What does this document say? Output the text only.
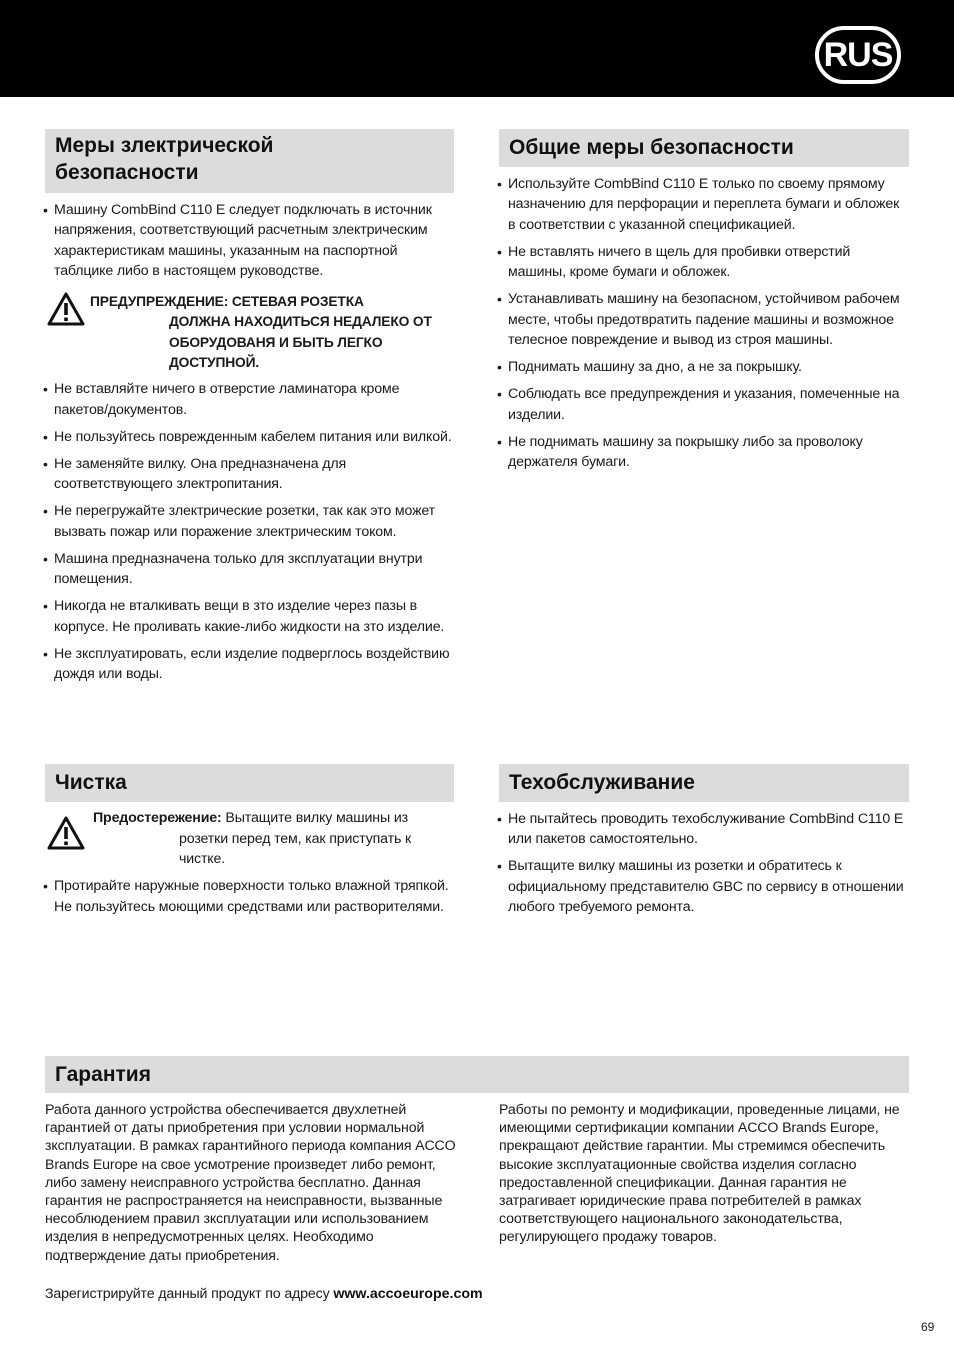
RUS
Меры злектрической
безопасности
• Машину CombBind C110 E следует подключать в источник напряжения, соответствующий расчетным злектрическим характеристикам машины, указанным на паспортной таблцике либо в настоящем руководстве.
ПРЕДУПРЕЖДЕНИЕ: СЕТЕВАЯ РОЗЕТКА
ДОЛЖНА НАХОДИТЬСЯ НЕДАЛЕКО ОТ ОБОРУДОВАНЯ И БЫТЬ ЛЕГКО ДОСТУПНОЙ.
• Не вставляйте ничего в отверстие ламинатора кроме пакетов/документов.
• Не пользуйтесь поврежденным кабелем питания или вилкой.
• Не заменяйте вилку. Она предназначена для соответствующего злектропитания.
• Не перегружайте злектрические розетки, так как это может вызвать пожар или поражение злектрическим током.
• Машина предназначена только для зксплуатации внутри помещения.
• Никогда не вталкивать вещи в зто изделие через пазы в корпусе. Не проливать какие-либо жидкости на зто изделие.
• Не зксплуатировать, если изделие подверглось воздействию дождя или воды.
Общие меры безопасности
• Используйте CombBind C110 E только по своему прямому назначению для перфорации и переплета бумаги и обложек в соответствии с указанной спецификацией.
• Не вставлять ничего в щель для пробивки отверстий машины, кроме бумаги и обложек.
• Устанавливать машину на безопасном, устойчивом рабочем месте, чтобы предотвратить падение машины и возможное телесное повреждение и вывод из строя машины.
• Поднимать машину за дно, а не за покрышку.
• Соблюдать все предупреждения и указания, помеченные на изделии.
• Не поднимать машину за покрышку либо за проволоку держателя бумаги.
Чистка
Предостережение: Вытащите вилку машины из
розетки перед тем, как приступать к чистке.
• Протирайте наружные поверхности только влажной тряпкой. Не пользуйтесь моющими средствами или растворителями.
Техобслуживание
• Не пытайтесь проводить техобслуживание CombBind C110 E или пакетов самостоятельно.
• Вытащите вилку машины из розетки и обратитесь к официальному представителю GBC по сервису в отношении любого требуемого ремонта.
Гарантия

Работа данного устройства обеспечивается двухлетней гарантией от даты приобретения при условии нормальной зксплуатации. В рамках гарантийного периода компания ACCO Brands Europe на свое усмотрение произведет либо ремонт, либо замену неисправного устройства бесплатно. Данная гарантия не распространяется на неисправности, вызванные несоблюдением правил зксплуатации или использованием изделия в непредусмотренных целях. Необходимо подтверждение даты приобретения.

Работы по ремонту и модификации, проведенные лицами, не имеющими сертификации компании ACCO Brands Europe, прекращают действие гарантии. Мы стремимся обеспечить высокие зксплуатационные свойства изделия согласно предоставленной спецификации. Данная гарантия не затрагивает юридические права потребителей в рамках соответствующего национального законодательства, регулирующего продажу товаров.

Зарегистрируйте данный продукт по адресу www.accoeurope.com
69
